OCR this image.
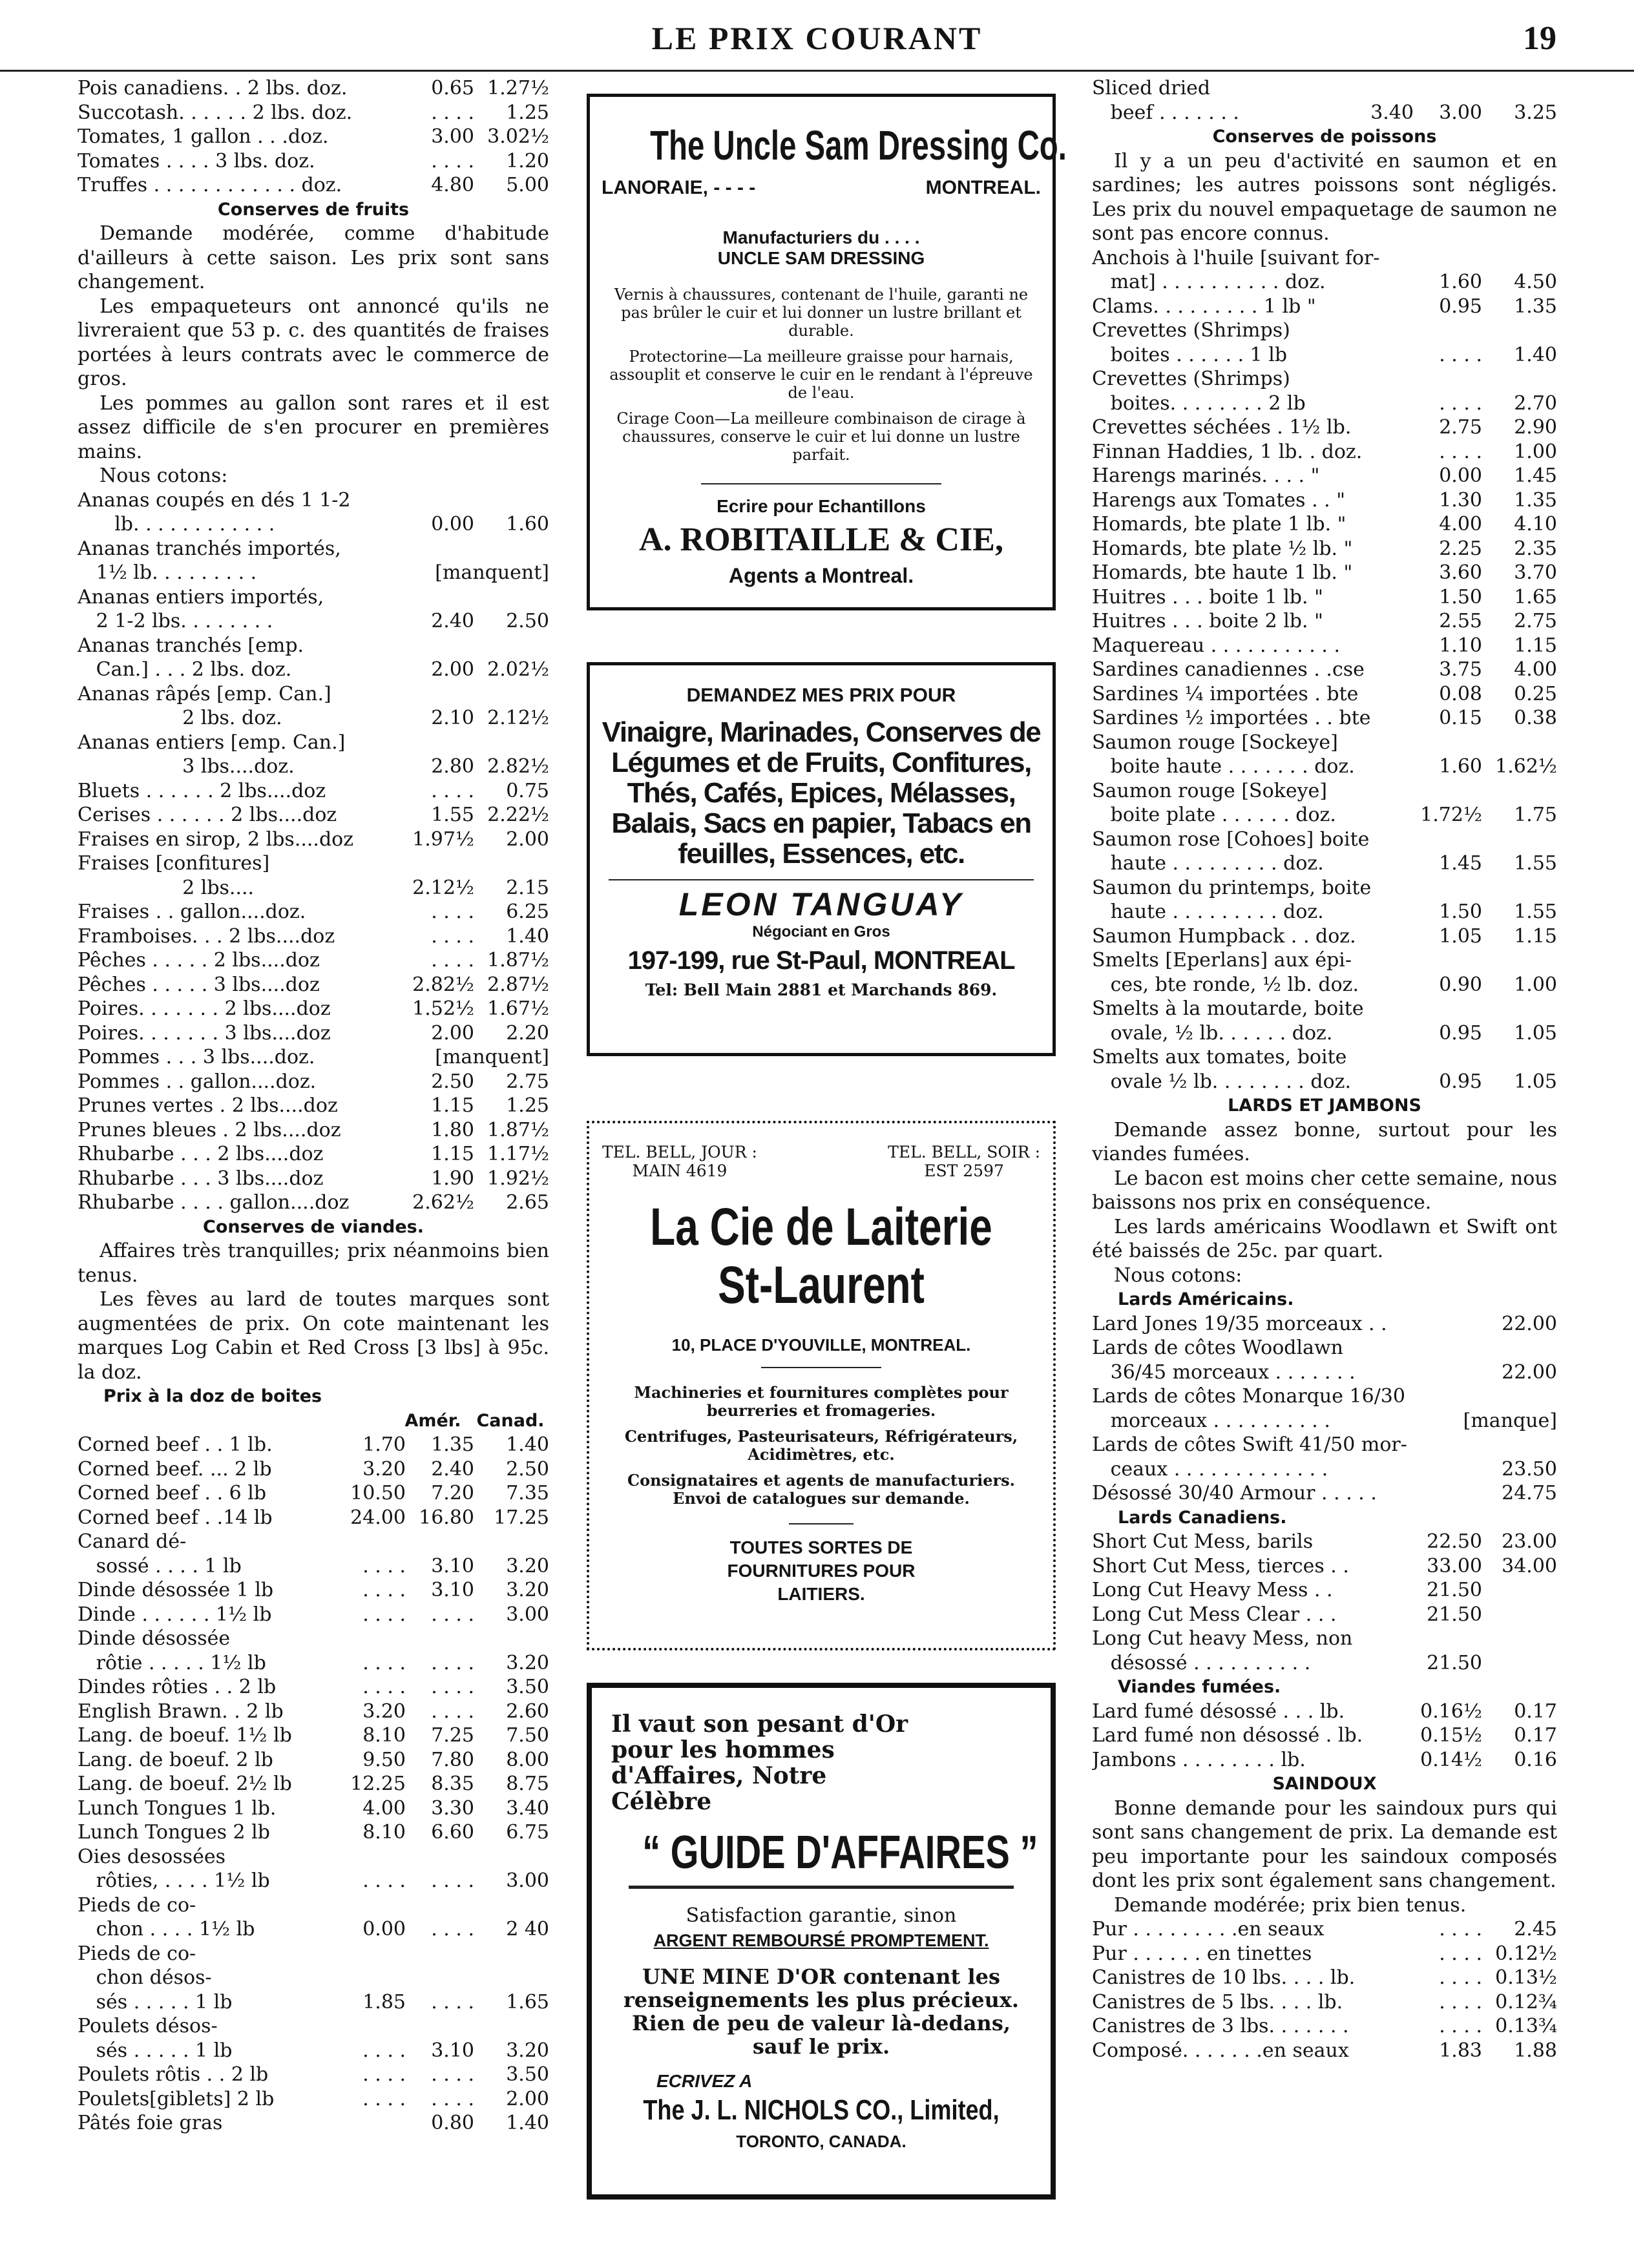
LE PRIX COURANT	19
Pois canadiens. . 2 lbs. doz.	0.65 1.27½
Succotash. . . . . . 2 lbs. doz.	. . . .	1.25
Tomates, 1 gallon . . .doz.	3.00 3.02½
Tomates . . . . 3 lbs. doz.	. . . .	1.20
Truffes . . . . . . . . . . . . doz.	4.80	5.00
Conserves de fruits
Demande modérée, comme d'habitude d'ailleurs à cette saison. Les prix sont sans changement.
Les empaqueteurs ont annoncé qu'ils ne livreraient que 53 p. c. des quantités de fraises portées à leurs contrats avec le commerce de gros.
Les pommes au gallon sont rares et il est assez difficile de s'en procurer en premières mains.
Nous cotons:
Ananas coupés en dés 1 1-2
lb. . . . . . . . . . . .	0.00	1.60
Ananas tranchés importés,
1½ lb. . . . . . . . .	[manquent]
Ananas entiers importés,
2 1-2 lbs. . . . . . . .	2.40	2.50
Ananas tranchés [emp.
Can.] . . . 2 lbs. doz.	2.00 2.02½
Ananas râpés [emp. Can.]
2 lbs. doz.	2.10 2.12½
Ananas entiers [emp. Can.]
3 lbs....doz.	2.80 2.82½
Bluets . . . . . . 2 lbs....doz	. . . .	0.75
Cerises . . . . . . 2 lbs....doz	1.55 2.22½
Fraises en sirop, 2 lbs....doz	1.97½	2.00
Fraises [confitures]
2 lbs....	2.12½	2.15
Fraises . . gallon....doz.	. . . .	6.25
Framboises. . . 2 lbs....doz	. . . .	1.40
Pêches . . . . . 2 lbs....doz	. . . . 1.87½
Pêches . . . . . 3 lbs....doz	2.82½ 2.87½
Poires. . . . . . . 2 lbs....doz	1.52½ 1.67½
Poires. . . . . . . 3 lbs....doz	2.00	2.20
Pommes . . . 3 lbs....doz.	[manquent]
Pommes . . gallon....doz.	2.50	2.75
Prunes vertes . 2 lbs....doz	1.15	1.25
Prunes bleues . 2 lbs....doz	1.80 1.87½
Rhubarbe . . . 2 lbs....doz	1.15 1.17½
Rhubarbe . . . 3 lbs....doz	1.90 1.92½
Rhubarbe . . . . gallon....doz	2.62½	2.65
Conserves de viandes.
Affaires très tranquilles; prix néanmoins bien tenus.
Les fèves au lard de toutes marques sont augmentées de prix. On cote maintenant les marques Log Cabin et Red Cross [3 lbs] à 95c. la doz.
Prix à la doz de boites
Amér. Canad.
Corned beef . . 1 lb.	1.70	1.35	1.40
Corned beef. ... 2 lb	3.20	2.40	2.50
Corned beef . . 6 lb	10.50	7.20	7.35
Corned beef . .14 lb	24.00 16.80	17.25
Canard dé-
sossé . . . . 1 lb	. . . .	3.10	3.20
Dinde désossée 1 lb	. . . .	3.10	3.20
Dinde . . . . . . 1½ lb	. . . .	. . . .	3.00
Dinde désossée
rôtie . . . . . 1½ lb	. . . .	. . . .	3.20
Dindes rôties . . 2 lb	. . . .	. . . .	3.50
English Brawn. . 2 lb	3.20	. . . .	2.60
Lang. de boeuf. 1½ lb	8.10	7.25	7.50
Lang. de boeuf. 2 lb	9.50	7.80	8.00
Lang. de boeuf. 2½ lb	12.25	8.35	8.75
Lunch Tongues 1 lb.	4.00	3.30	3.40
Lunch Tongues 2 lb	8.10	6.60	6.75
Oies desossées
rôties, . . . . 1½ lb	. . . .	. . . .	3.00
Pieds de co-
chon . . . . 1½ lb	0.00	. . . .	2 40
Pieds de co-
chon désos-
sés . . . . . 1 lb	1.85	. . . .	1.65
Poulets désos-
sés . . . . . 1 lb	. . . .	3.10	3.20
Poulets rôtis . . 2 lb	. . . .	. . . .	3.50
Poulets[giblets] 2 lb	. . . .	. . . .	2.00
Pâtés foie gras	0.80	1.40
Sliced dried
beef . . . . . . .	3.40	3.00	3.25
Conserves de poissons
Il y a un peu d'activité en saumon et en sardines; les autres poissons sont négligés. Les prix du nouvel empaquetage de saumon ne sont pas encore connus.
Anchois à l'huile [suivant for-
mat] . . . . . . . . . . doz.	1.60	4.50
Clams. . . . . . . . . 1 lb "	0.95	1.35
Crevettes (Shrimps)
boites . . . . . . 1 lb	. . . .	1.40
Crevettes (Shrimps)
boites. . . . . . . . 2 lb	. . . .	2.70
Crevettes séchées . 1½ lb.	2.75	2.90
Finnan Haddies, 1 lb. . doz.	. . . .	1.00
Harengs marinés. . . . "	0.00	1.45
Harengs aux Tomates . . "	1.30	1.35
Homards, bte plate 1 lb. "	4.00	4.10
Homards, bte plate ½ lb. "	2.25	2.35
Homards, bte haute 1 lb. "	3.60	3.70
Huitres . . . boite 1 lb. "	1.50	1.65
Huitres . . . boite 2 lb. "	2.55	2.75
Maquereau . . . . . . . . . . .	1.10	1.15
Sardines canadiennes . .cse	3.75	4.00
Sardines ¼ importées . bte	0.08	0.25
Sardines ½ importées . . bte	0.15	0.38
Saumon rouge [Sockeye]
boite haute . . . . . . . doz.	1.60 1.62½
Saumon rouge [Sokeye]
boite plate . . . . . . doz.	1.72½	1.75
Saumon rose [Cohoes] boite
haute . . . . . . . . . doz.	1.45	1.55
Saumon du printemps, boite
haute . . . . . . . . . doz.	1.50	1.55
Saumon Humpback . . doz.	1.05	1.15
Smelts [Eperlans] aux épi-
ces, bte ronde, ½ lb. doz.	0.90	1.00
Smelts à la moutarde, boite
ovale, ½ lb. . . . . . doz.	0.95	1.05
Smelts aux tomates, boite
ovale ½ lb. . . . . . . . doz.	0.95	1.05
LARDS ET JAMBONS
Demande assez bonne, surtout pour les viandes fumées.
Le bacon est moins cher cette semaine, nous baissons nos prix en conséquence.
Les lards américains Woodlawn et Swift ont été baissés de 25c. par quart.
Nous cotons:
Lards Américains.
Lard Jones 19/35 morceaux . .	22.00
Lards de côtes Woodlawn
36/45 morceaux . . . . . . .	22.00
Lards de côtes Monarque 16/30
morceaux . . . . . . . . . .	[manque]
Lards de côtes Swift 41/50 mor-
ceaux . . . . . . . . . . . . .	23.50
Désossé 30/40 Armour . . . . .	24.75
Lards Canadiens.
Short Cut Mess, barils	22.50	23.00
Short Cut Mess, tierces . .	33.00	34.00
Long Cut Heavy Mess . .	21.50
Long Cut Mess Clear . . .	21.50
Long Cut heavy Mess, non
désossé . . . . . . . . . .	21.50
Viandes fumées.
Lard fumé désossé . . . lb.	0.16½	0.17
Lard fumé non désossé . lb.	0.15½	0.17
Jambons . . . . . . . . lb.	0.14½	0.16
SAINDOUX
Bonne demande pour les saindoux purs qui sont sans changement de prix. La demande est peu importante pour les saindoux composés dont les prix sont également sans changement.
Demande modérée; prix bien tenus.
Pur . . . . . . . . .en seaux	. . . .	2.45
Pur . . . . . . en tinettes	. . . . 0.12½
Canistres de 10 lbs. . . . lb.	. . . . 0.13½
Canistres de 5 lbs. . . . lb.	. . . . 0.12¾
Canistres de 3 lbs. . . . . . .	. . . . 0.13¾
Composé. . . . . . .en seaux	1.83	1.88
The Uncle Sam Dressing Co.
LANORAIE, - - - -	MONTREAL.
Manufacturiers du . . . .
UNCLE SAM DRESSING
Vernis à chaussures, contenant de l'huile, garanti ne pas brûler le cuir et lui donner un lustre brillant et durable.
Protectorine—La meilleure graisse pour harnais, assouplit et conserve le cuir en le rendant à l'épreuve de l'eau.
Cirage Coon—La meilleure combinaison de cirage à chaussures, conserve le cuir et lui donne un lustre parfait.
Ecrire pour Echantillons
A. ROBITAILLE & CIE,
Agents a Montreal.
DEMANDEZ MES PRIX POUR
Vinaigre, Marinades, Conserves de Légumes et de Fruits, Confitures, Thés, Cafés, Epices, Mélasses, Balais, Sacs en papier, Tabacs en feuilles, Essences, etc.
LEON TANGUAY
Négociant en Gros
197-199, rue St-Paul, MONTREAL
Tel: Bell Main 2881 et Marchands 869.
TEL. BELL, JOUR :
MAIN 4619
TEL. BELL, SOIR :
EST 2597
La Cie de Laiterie
St-Laurent
10, PLACE D'YOUVILLE, MONTREAL.
Machineries et fournitures complètes pour beurreries et fromageries.
Centrifuges, Pasteurisateurs, Réfrigérateurs, Acidimètres, etc.
Consignataires et agents de manufacturiers. Envoi de catalogues sur demande.
TOUTES SORTES DE FOURNITURES POUR LAITIERS.
Il vaut son pesant d'Or pour les hommes d'Affaires, Notre Célèbre
“ GUIDE D'AFFAIRES ”
Satisfaction garantie, sinon
ARGENT REMBOURSÉ PROMPTEMENT.
UNE MINE D'OR contenant les renseignements les plus précieux. Rien de peu de valeur là-dedans, sauf le prix.
ECRIVEZ A
The J. L. NICHOLS CO., Limited,
TORONTO, CANADA.
